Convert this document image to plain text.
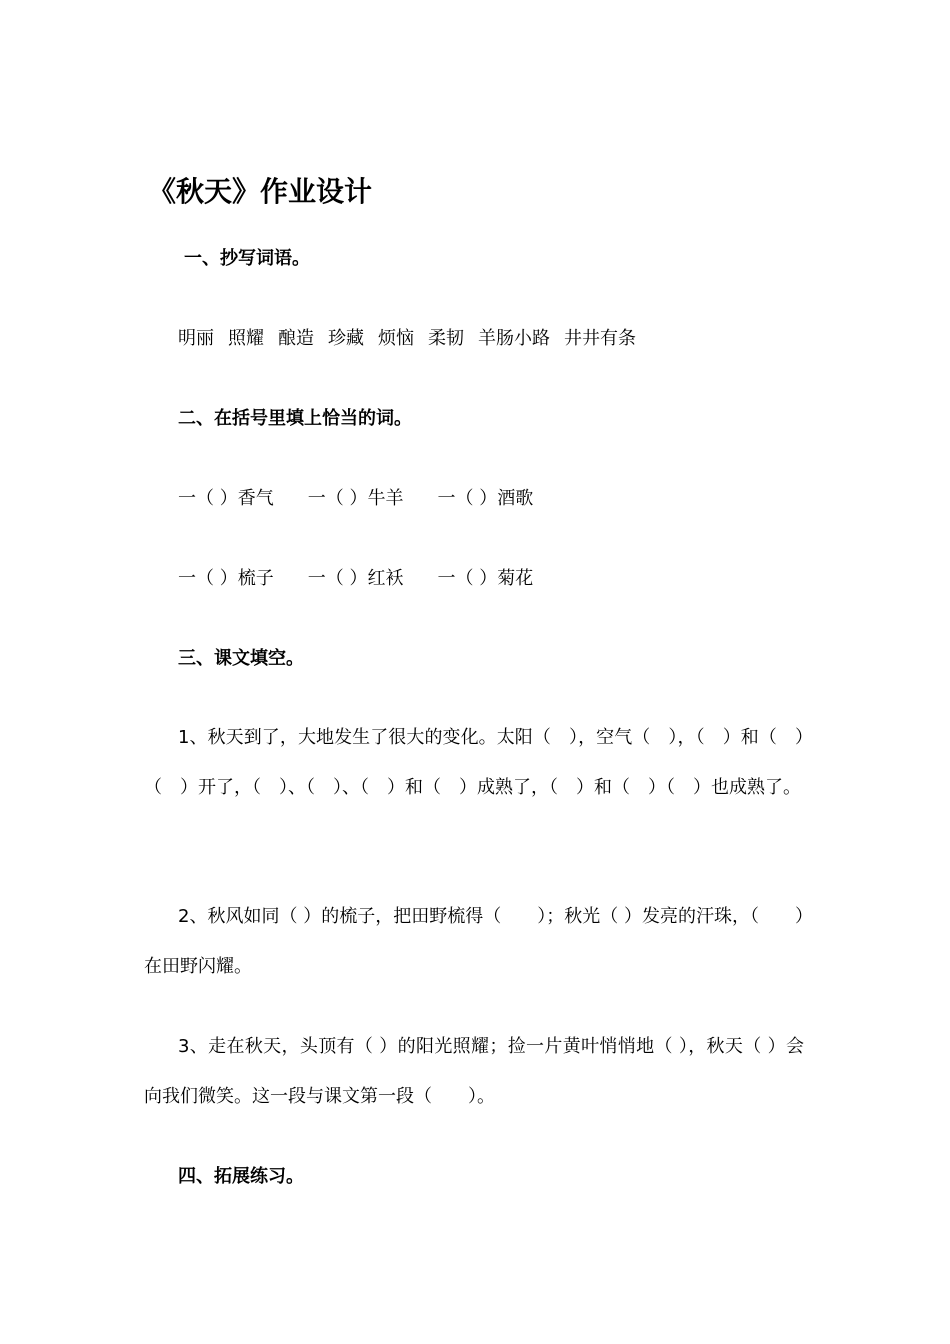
《秋天》作业设计
一、抄写词语。
明丽 照耀 酿造 珍藏 烦恼 柔韧 羊肠小路 井井有条
二、在括号里填上恰当的词。
一（ ）香气 一（ ）牛羊 一（ ）酒歌
一（ ）梳子 一（ ）红袄 一（ ）菊花
三、课文填空。
1、秋天到了，大地发生了很大的变化。太阳（　），空气（　），（　）和（　）（　）开了，（　）、（　）、（　）和（　）成熟了，（　）和（　）（　）也成熟了。
2、秋风如同（ ）的梳子，把田野梳得（　　）；秋光（ ）发亮的汗珠，（　　）在田野闪耀。
3、走在秋天，头顶有（ ）的阳光照耀；捡一片黄叶悄悄地（ ），秋天（ ）会向我们微笑。这一段与课文第一段（　　）。
四、拓展练习。
